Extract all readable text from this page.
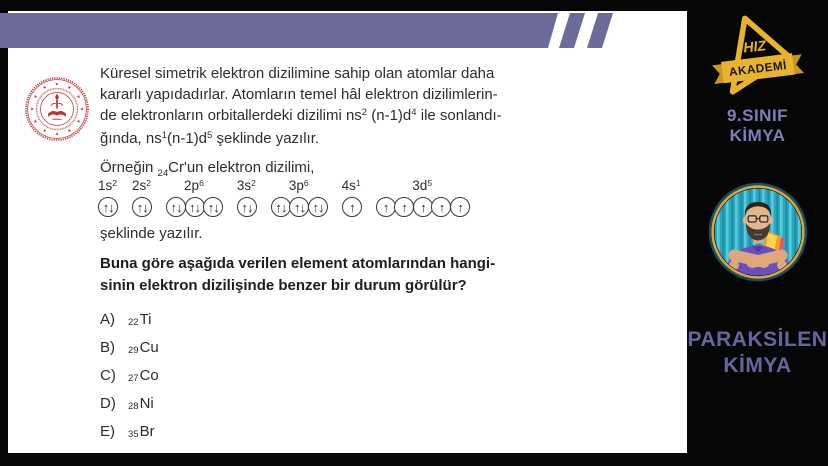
★
★
★
★
★
★
★
★
★
★
★
★
Küresel simetrik elektron dizilimine sahip olan atomlar daha
kararlı yapıdadırlar. Atomların temel hâl elektron dizilimlerin-
de elektronların orbitallerdeki dizilimi $ns^2$ $(n-1)d^4$ ile sonlandı-
ğında, $ns^1(n-1)d^5$ şeklinde yazılır.
Örneğin $_{24}$Cr'un elektron dizilimi,
$1s^2$
↑ ↓
$2s^2$
↑ ↓
$2p^6$
↑ ↓ ↑ ↓ ↑ ↓
$3s^2$
↑ ↓
$3p^6$
↑ ↓ ↑ ↓ ↑ ↓
$4s^1$
↑
$3d^5$
↑ ↑ ↑ ↑ ↑
şeklinde yazılır.
Buna göre aşağıda verilen element atomlarından hangi-
sinin elektron dizilişinde benzer bir durum görülür?
A)	22 Ti
B)	29 Cu
C)	27 Co
D)	28 Ni
E)	35 Br
HIZ
AKADEMİ
9.SINIF
KİMYA
PARAKSİLEN
KİMYA
